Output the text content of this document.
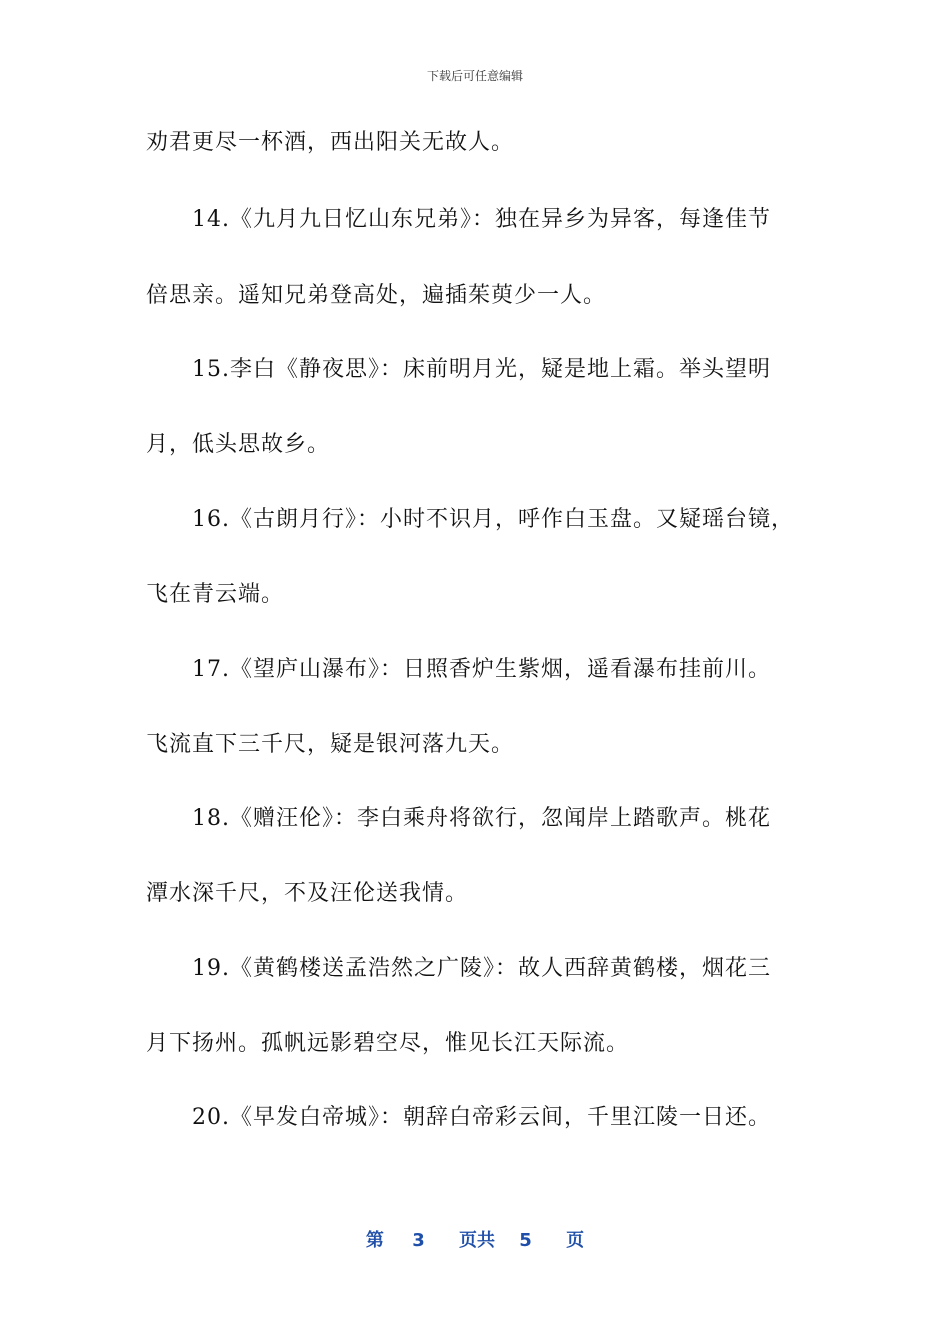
下载后可任意编辑
劝君更尽一杯酒，西出阳关无故人。
14.《九月九日忆山东兄弟》：独在异乡为异客，每逢佳节
倍思亲。遥知兄弟登高处，遍插茱萸少一人。
15.李白《静夜思》：床前明月光，疑是地上霜。举头望明
月，低头思故乡。
16.《古朗月行》：小时不识月，呼作白玉盘。又疑瑶台镜，
飞在青云端。
17.《望庐山瀑布》：日照香炉生紫烟，遥看瀑布挂前川。
飞流直下三千尺，疑是银河落九天。
18.《赠汪伦》：李白乘舟将欲行，忽闻岸上踏歌声。桃花
潭水深千尺，不及汪伦送我情。
19.《黄鹤楼送孟浩然之广陵》：故人西辞黄鹤楼，烟花三
月下扬州。孤帆远影碧空尽，惟见长江天际流。
20.《早发白帝城》：朝辞白帝彩云间，千里江陵一日还。
第 3 页共 5 页
